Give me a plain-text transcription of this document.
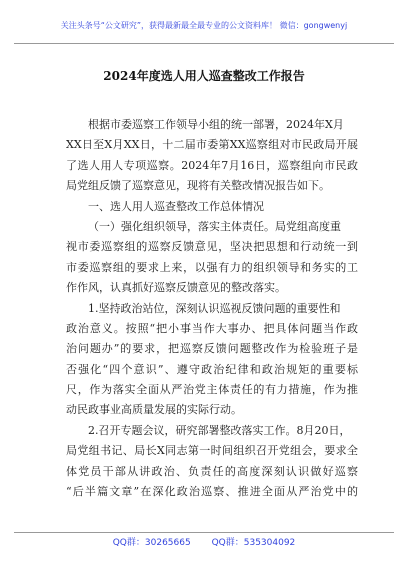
关注头条号“公文研究”，获得最新最全最专业的公文资料库！ 微信：gongwenyj
2024年度选人用人巡查整改工作报告
根据市委巡察工作领导小组的统一部署，2024年X月
XX日至X月XX日，十二届市委第XX巡察组对市民政局开展
了选人用人专项巡察。2024年7月16日，巡察组向市民政
局党组反馈了巡察意见，现将有关整改情况报告如下。
一、选人用人巡查整改工作总体情况
（一）强化组织领导，落实主体责任。局党组高度重
视市委巡察组的巡察反馈意见，坚决把思想和行动统一到
市委巡察组的要求上来，以强有力的组织领导和务实的工
作作风，认真抓好巡察反馈意见的整改落实。
1.坚持政治站位，深刻认识巡视反馈问题的重要性和
政治意义。按照“把小事当作大事办、把具体问题当作政
治问题办”的要求，把巡察反馈问题整改作为检验班子是
否强化“四个意识”、遵守政治纪律和政治规矩的重要标
尺，作为落实全面从严治党主体责任的有力措施，作为推
动民政事业高质量发展的实际行动。
2.召开专题会议，研究部署整改落实工作。8月20日，
局党组书记、局长X同志第一时间组织召开党组会，要求全
体党员干部从讲政治、负责任的高度深刻认识做好巡察
“后半篇文章”在深化政治巡察、推进全面从严治党中的
QQ群：30265665 QQ群：535304092
